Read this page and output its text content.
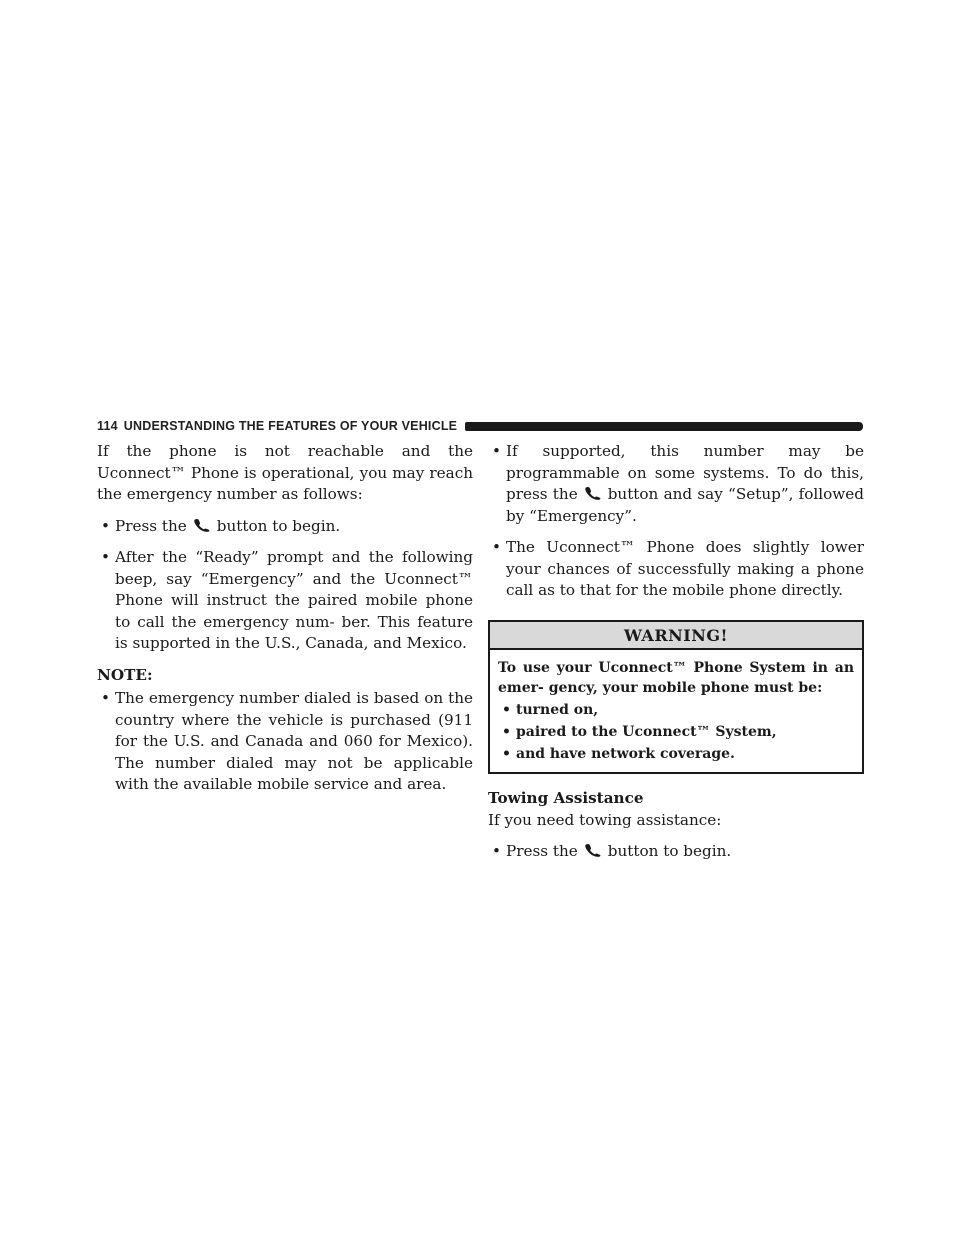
114 UNDERSTANDING THE FEATURES OF YOUR VEHICLE

If the phone is not reachable and the Uconnect™ Phone is operational, you may reach the emergency number as follows:

• Press the button to begin.
• After the “Ready” prompt and the following beep, say “Emergency” and the Uconnect™ Phone will instruct the paired mobile phone to call the emergency num- ber. This feature is supported in the U.S., Canada, and Mexico.
NOTE:
• The emergency number dialed is based on the country where the vehicle is purchased (911 for the U.S. and Canada and 060 for Mexico). The number dialed may not be applicable with the available mobile service and area.
• If supported, this number may be programmable on some systems. To do this, press the button and say “Setup”, followed by “Emergency”.
• The Uconnect™ Phone does slightly lower your chances of successfully making a phone call as to that for the mobile phone directly.
WARNING!

To use your Uconnect™ Phone System in an emer- gency, your mobile phone must be:

• turned on,
• paired to the Uconnect™ System,
• and have network coverage.
Towing Assistance
If you need towing assistance:
• Press the button to begin.
